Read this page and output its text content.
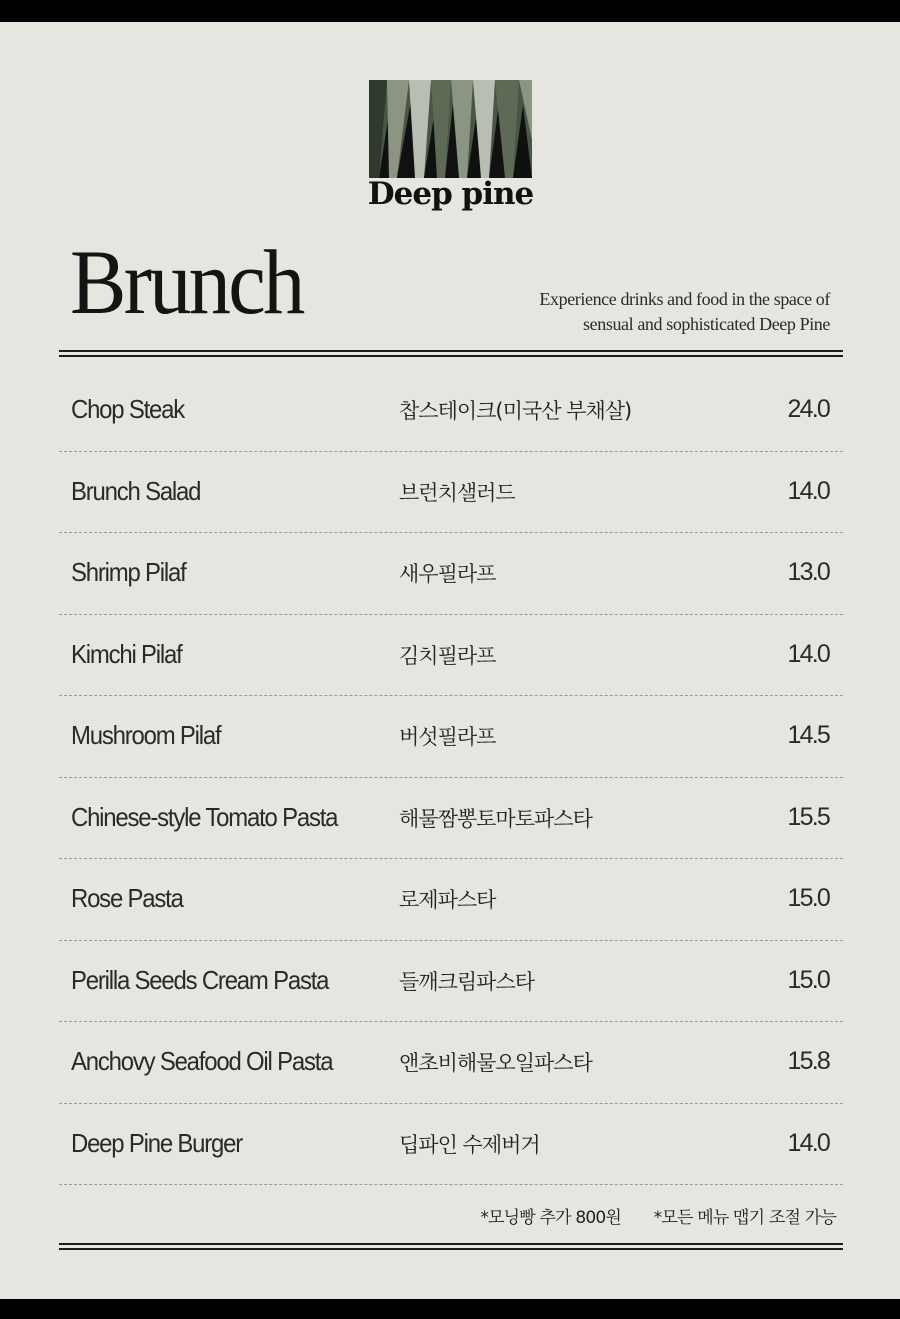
Deep pine
Brunch	Experience drinks and food in the space of
sensual and sophisticated Deep Pine
Chop Steak	찹스테이크(미국산 부채살)	24.0
Brunch Salad	브런치샐러드	14.0
Shrimp Pilaf	새우필라프	13.0
Kimchi Pilaf	김치필라프	14.0
Mushroom Pilaf	버섯필라프	14.5
Chinese-style Tomato Pasta	해물짬뽕토마토파스타	15.5
Rose Pasta	로제파스타	15.0
Perilla Seeds Cream Pasta	들깨크림파스타	15.0
Anchovy Seafood Oil Pasta	앤초비해물오일파스타	15.8
Deep Pine Burger	딥파인 수제버거	14.0
*모닝빵 추가 800원 *모든 메뉴 맵기 조절 가능
